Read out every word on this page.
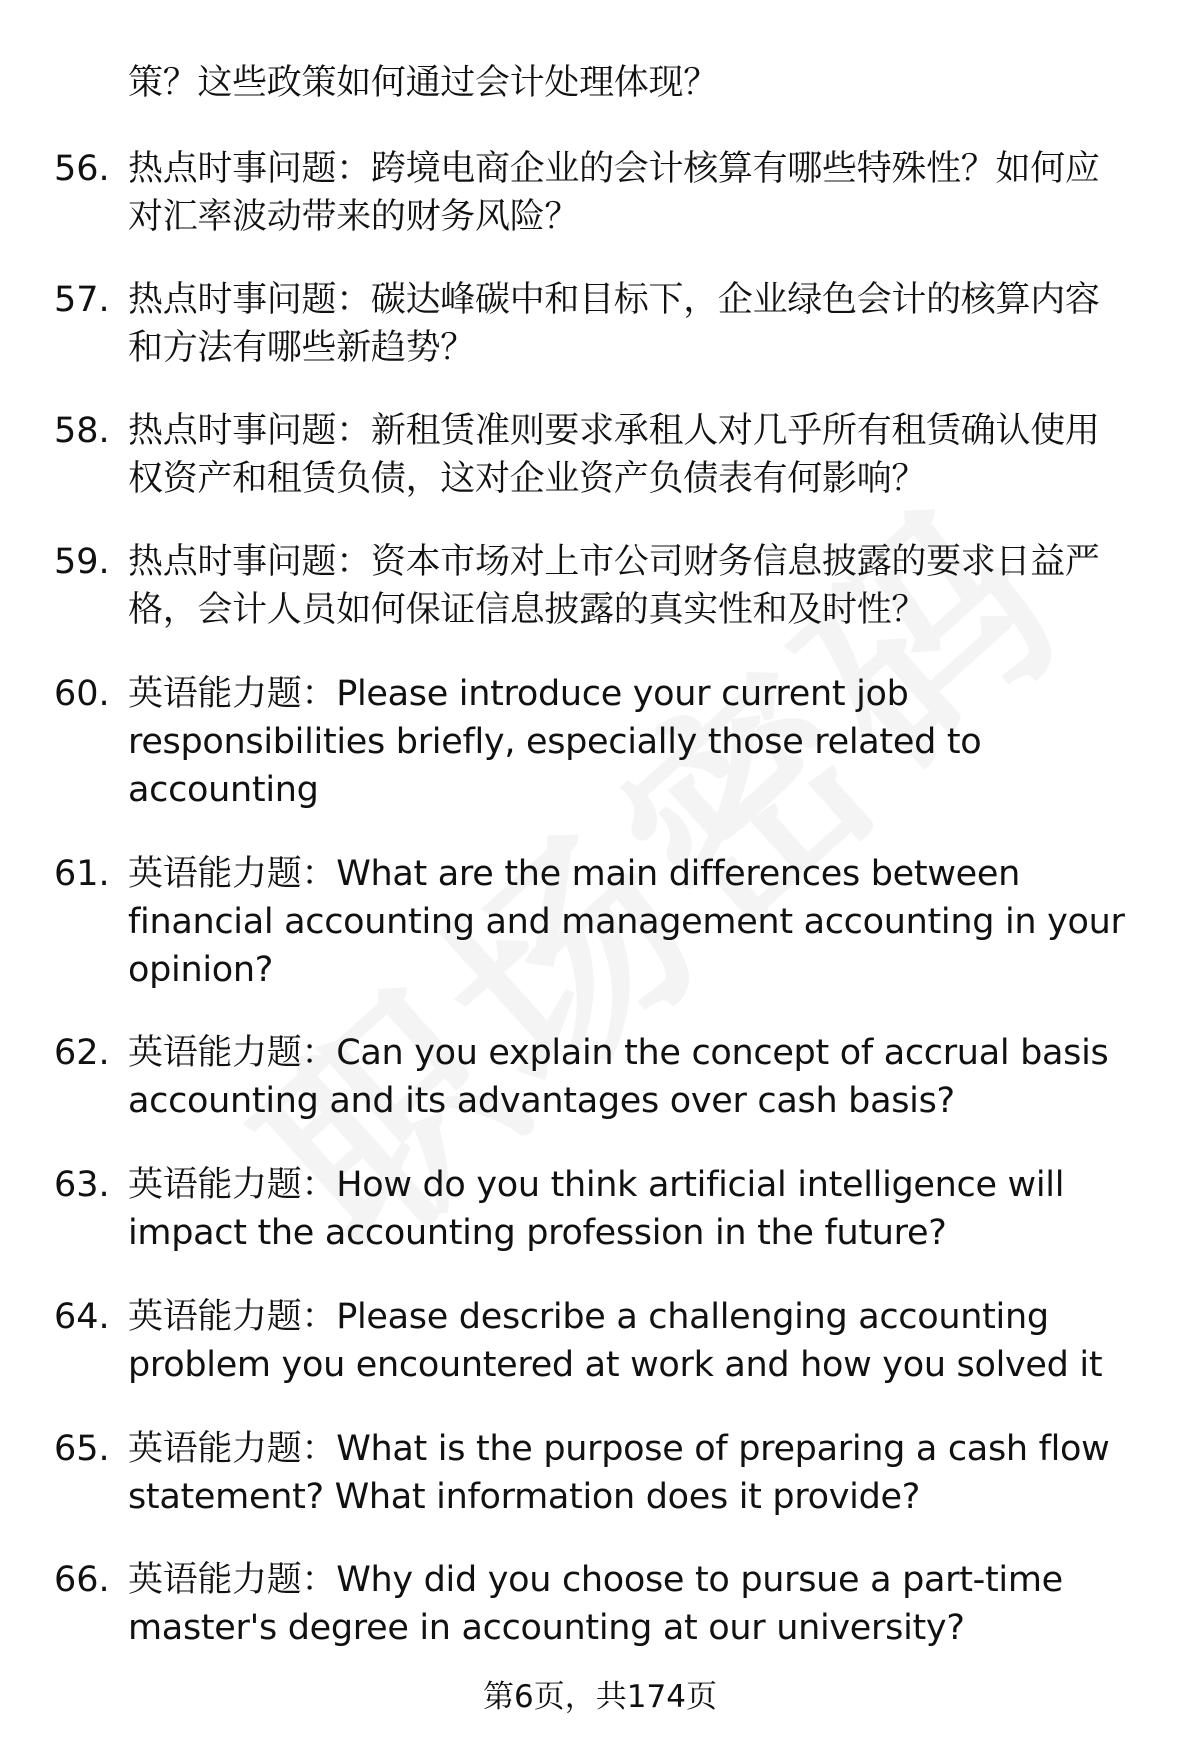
策？这些政策如何通过会计处理体现？
56. 热点时事问题：跨境电商企业的会计核算有哪些特殊性？如何应
对汇率波动带来的财务风险？
57. 热点时事问题：碳达峰碳中和目标下，企业绿色会计的核算内容
和方法有哪些新趋势？
58. 热点时事问题：新租赁准则要求承租人对几乎所有租赁确认使用
权资产和租赁负债，这对企业资产负债表有何影响？
59. 热点时事问题：资本市场对上市公司财务信息披露的要求日益严
格，会计人员如何保证信息披露的真实性和及时性？
60. 英语能力题：Please introduce your current job
responsibilities briefly, especially those related to
accounting
61. 英语能力题：What are the main differences between
financial accounting and management accounting in your
opinion?
62. 英语能力题：Can you explain the concept of accrual basis
accounting and its advantages over cash basis?
63. 英语能力题：How do you think artificial intelligence will
impact the accounting profession in the future?
64. 英语能力题：Please describe a challenging accounting
problem you encountered at work and how you solved it
65. 英语能力题：What is the purpose of preparing a cash flow
statement? What information does it provide?
66. 英语能力题：Why did you choose to pursue a part-time
master's degree in accounting at our university?
第6页，共174页
